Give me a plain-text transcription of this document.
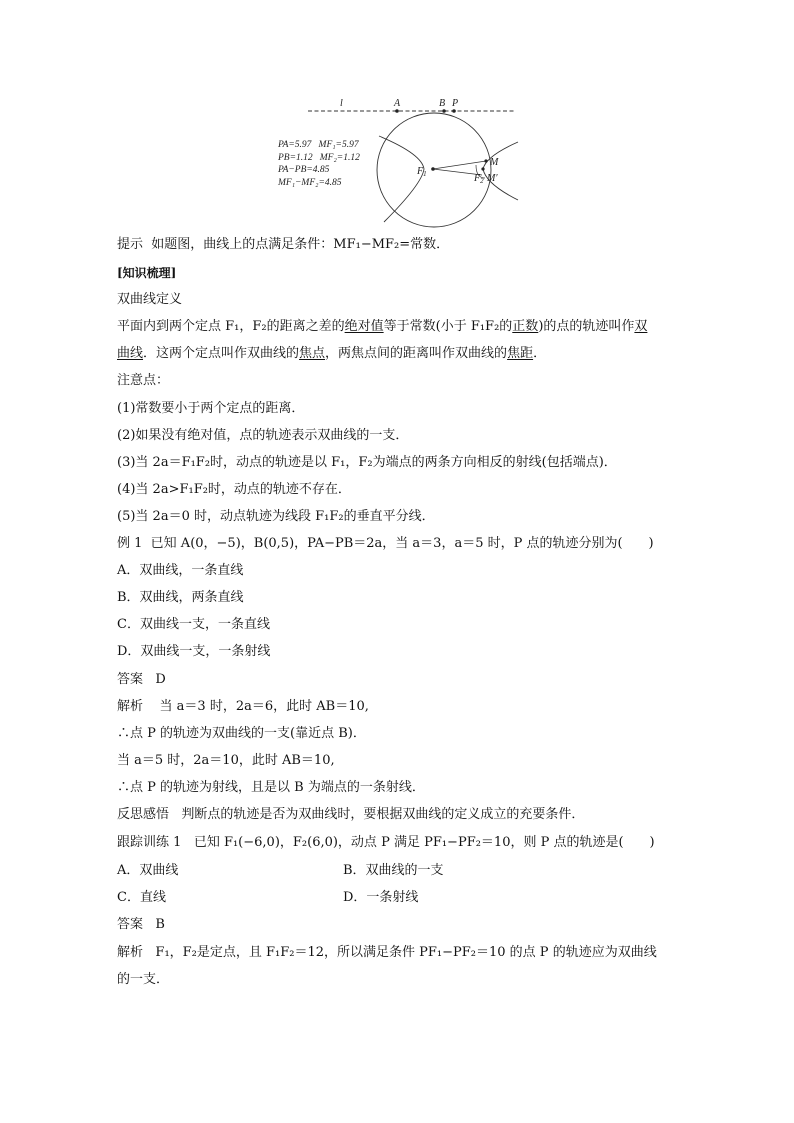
l	A	B P
$F_1$	$F_2$
M
M′
PA=5.97   MF₁=5.97
PB=1.12   MF₂=1.12
PA−PB=4.85
MF₁−MF₂=4.85
提示 如题图，曲线上的点满足条件：MF₁−MF₂=常数．
[知识梳理]
双曲线定义
平面内到两个定点 F₁，F₂的距离之差的绝对值等于常数(小于 F₁F₂的正数)的点的轨迹叫作双
曲线．这两个定点叫作双曲线的焦点，两焦点间的距离叫作双曲线的焦距．
注意点：
(1)常数要小于两个定点的距离．
(2)如果没有绝对值，点的轨迹表示双曲线的一支．
(3)当 2a＝F₁F₂时，动点的轨迹是以 F₁，F₂为端点的两条方向相反的射线(包括端点)．
(4)当 2a>F₁F₂时，动点的轨迹不存在．
(5)当 2a＝0 时，动点轨迹为线段 F₁F₂的垂直平分线．
例 1 已知 A(0，−5)，B(0,5)，PA−PB＝2a，当 a＝3，a＝5 时，P 点的轨迹分别为(　　)
A．双曲线，一条直线
B．双曲线，两条直线
C．双曲线一支，一条直线
D．双曲线一支，一条射线
答案 D
解析 当 a＝3 时，2a＝6，此时 AB＝10,
∴点 P 的轨迹为双曲线的一支(靠近点 B)．
当 a＝5 时，2a＝10，此时 AB＝10,
∴点 P 的轨迹为射线，且是以 B 为端点的一条射线．
反思感悟 判断点的轨迹是否为双曲线时，要根据双曲线的定义成立的充要条件．
跟踪训练 1 已知 F₁(−6,0)，F₂(6,0)，动点 P 满足 PF₁−PF₂＝10，则 P 点的轨迹是(　　)
A．双曲线	B．双曲线的一支
C．直线	D．一条射线
答案 B
解析 F₁，F₂是定点，且 F₁F₂＝12，所以满足条件 PF₁−PF₂＝10 的点 P 的轨迹应为双曲线
的一支．
